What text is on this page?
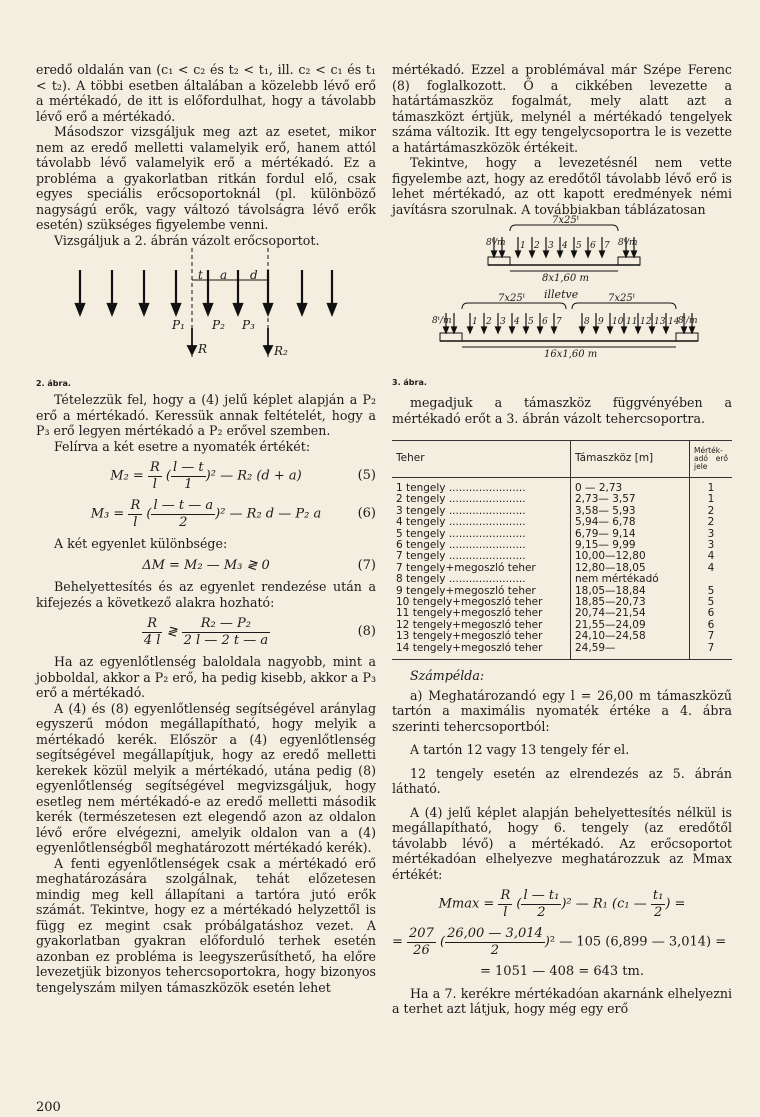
eredő oldalán van (c₁ < c₂ és t₂ < t₁, ill. c₂ < c₁ és t₁ < t₂). A többi esetben általában a közelebb lévő erő a mértékadó, de itt is előfordulhat, hogy a távolabb lévő erő a mértékadó.

Másodszor vizsgáljuk meg azt az esetet, mikor nem az eredő melletti valamelyik erő, hanem attól távolabb lévő valamelyik erő a mértékadó. Ez a probléma a gyakorlatban ritkán fordul elő, csak egyes speciális erőcsoportoknál (pl. különböző nagyságú erők, vagy változó távolságra lévő erők esetén) szükséges figyelembe venni.

Vizsgáljuk a 2. ábrán vázolt erőcsoportot.

t a d
P₁ P₂ P₃
R	R₂
2. ábra.

Tételezzük fel, hogy a (4) jelű képlet alapján a P₂ erő a mértékadó. Keressük annak feltételét, hogy a P₃ erő legyen mértékadó a P₂ erővel szemben.

Felírva a két esetre a nyomaték értékét:

$M_2 = \frac{R}{l}$ ( $\frac{l — t}{1} )^2$ — R₂ (d + a)	(5)
$M_3 = \frac{R}{l}$ ( $\frac{l — t — a}{2} )^2$ — R₂ d — P₂ a	(6)

A két egyenlet különbsége:

ΔM = M₂ — M₃ ≷ 0	(7)

Behelyettesítés és az egyenlet rendezése után a kifejezés a következő alakra hozható:

$\frac{R}{4 l}$ ≷ $\frac{\text{R₂ — P₂}}{2 l — 2 t — a}$	(8)

Ha az egyenlőtlenség baloldala nagyobb, mint a jobboldal, akkor a P₂ erő, ha pedig kisebb, akkor a P₃ erő a mértékadó.

A (4) és (8) egyenlőtlenség segítségével aránylag egyszerű módon megállapítható, hogy melyik a mértékadó kerék. Először a (4) egyenlőtlenség segítségével megállapítjuk, hogy az eredő melletti kerekek közül melyik a mértékadó, utána pedig (8) egyenlőtlenség segítségével megvizsgáljuk, hogy esetleg nem mértékadó-e az eredő melletti második kerék (természetesen ezt elegendő azon az oldalon lévő erőre elvégezni, amelyik oldalon van a (4) egyenlőtlenségből meghatározott mértékadó kerék).

A fenti egyenlőtlenségek csak a mértékadó erő meghatározására szolgálnak, tehát előzetesen mindig meg kell állapítani a tartóra jutó erők számát. Tekintve, hogy ez a mértékadó helyzettől is függ ez megint csak próbálgatáshoz vezet. A gyakorlatban gyakran előforduló terhek esetén azonban ez probléma is leegyszerűsíthető, ha előre levezetjük bizonyos tehercsoportokra, hogy bizonyos tengelyszám milyen támaszközök esetén lehet

mértékadó. Ezzel a problémával már Szépe Ferenc (8) foglalkozott. Ő a cikkében levezette a határtámaszköz fogalmát, mely alatt azt a támaszközt értjük, melynél a mértékadó tengelyek száma változik. Itt egy tengelycsoportra le is vezette a határtámaszközök értékeit.

Tekintve, hogy a levezetésnél nem vette figyelembe azt, hogy az eredőtől távolabb lévő erő is lehet mértékadó, az ott kapott eredmények némi javításra szorulnak. A továbbiakban táblázatosan

7x25ᵗ
8ᵗ/m	8ᵗ/m
1 2 3 4 5 6 7
8x1,60 m
illetve
7x25ᵗ	7x25ᵗ
8ᵗ/m	8ᵗ/m
1 2 3 4 5 6 7 8 9 10 11 12 13 14
16x1,60 m
3. ábra.

megadjuk a támaszköz függvényében a mértékadó erőt a 3. ábrán vázolt tehercsoportra.

Teher	Támaszköz [m]	Mérték-adó erő jele
1 tengely .......................	0 — 2,73	1
2 tengely .......................	2,73— 3,57	1
3 tengely .......................	3,58— 5,93	2
4 tengely .......................	5,94— 6,78	2
5 tengely .......................	6,79— 9,14	3
6 tengely .......................	9,15— 9,99	3
7 tengely .......................	10,00—12,80	4
7 tengely+megoszló teher	12,80—18,05	4
8 tengely .......................	nem mértékadó	
9 tengely+megoszló teher	18,05—18,84	5
10 tengely+megoszló teher	18,85—20,73	5
11 tengely+megoszló teher	20,74—21,54	6
12 tengely+megoszló teher	21,55—24,09	6
13 tengely+megoszló teher	24,10—24,58	7
14 tengely+megoszló teher	24,59—	7

Számpélda:

a) Meghatározandó egy l = 26,00 m támaszközű tartón a maximális nyomaték értéke a 4. ábra szerinti tehercsoportból:

A tartón 12 vagy 13 tengely fér el.

12 tengely esetén az elrendezés az 5. ábrán látható.

A (4) jelű képlet alapján behelyettesítés nélkül is megállapítható, hogy 6. tengely (az eredőtől távolabb lévő) a mértékadó. Az erőcsoportot mértékadóan elhelyezve meghatározzuk az Mmax értékét:

$Mmax = \frac{R}{l}$ ( $\frac{\text{l — t₁}}{2} )^2$ — R₁ (c₁ — $\frac{\text{t₁}}{2}$ ) =
= $\frac{207}{26}$ ( $\frac{26,00 — 3,014}{2} )^2$ — 105 (6,899 — 3,014) =
= 1051 — 408 = 643 tm.

Ha a 7. kerékre mértékadóan akarnánk elhelyezni a terhet azt látjuk, hogy még egy erő

200
